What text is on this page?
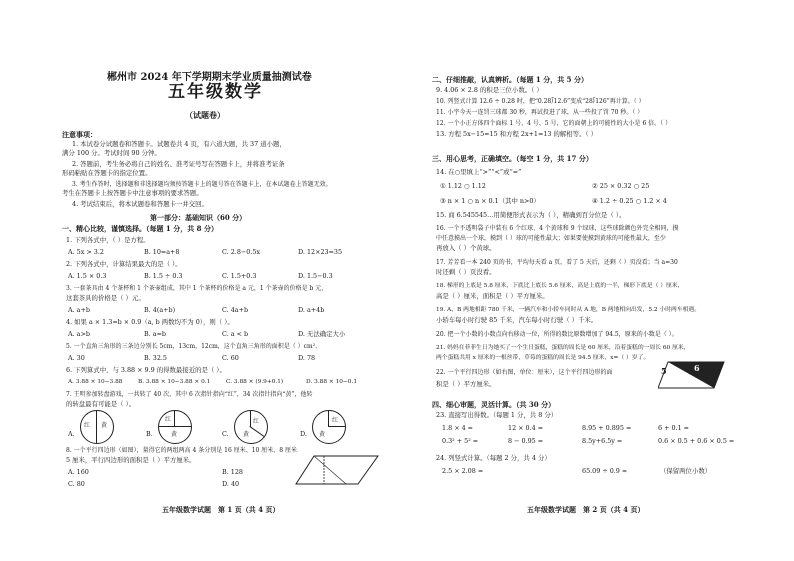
郴州市 2024 年下学期期末学业质量抽测试卷
五年级数学
（试题卷）
注意事项：
1. 本试卷分试题卷和答题卡。试题卷共 4 页，有六道大题，共 37 道小题，
满分 100 分。考试时间 90 分钟。
2. 答题前，考生务必将自己的姓名、准考证号写在答题卡上，并将准考证条
形码粘贴在答题卡的指定位置。
3. 考生作答时，选择题和非选择题均须按答题卡上的题号答在答题卡上，在本试题卷上答题无效。
考生在答题卡上按答题卡中注意事项的要求答题。
4. 考试结束后，将本试题卷和答题卡一并交回。
第一部分：基础知识（60 分）
一、精心比较，谨慎选择。（每题 1 分，共 8 分）
1. 下列各式中，（ ）是方程。
A. 5x > 3.2	B. 10=a+8	C. 2.8−0.5x	D. 12×23=35
2. 下列各式中，计算结果最大的是（ ）。
A. 1.5 × 0.3	B. 1.5 ÷ 0.3	C. 1.5+0.3	D. 1.5−0.3
3. 一套茶具由 4 个茶杯和 1 个茶壶组成，其中 1 个茶杯的价格是 a 元，1 个茶壶的价格是 b 元，
这套茶具的价格是（ ）元。
A. a+b	B. 4(a+b)	C. 4a+b	D. a+4b
4. 如果 a × 1.3=b × 0.9（a, b 两数均不为 0），则（ ）。
A. a>b	B. a=b	C. a < b	D. 无法确定大小
5. 一个直角三角形的三条边分别长 5cm，13cm，12cm，这个直角三角形的面积是（ ）cm².
A. 30	B. 32.5	C. 60	D. 78
6. 下列算式中，与 3.88 × 9.9 的得数最接近的是（ ）。
A. 3.88 × 10−3.88	B. 3.88 × 10−3.88 × 0.1	C. 3.88 × (9.9+0.1)	D. 3.88 × 10−0.1
7. 王明参加转盘游戏，一共转了 40 次，其中 6 次指针指向“红”，34 次指针指向“黄”，他转
的转盘最有可能是（ ）。
A.
红 黄
B.
红
黄	C.
红
黄	D.
红
黄
8. 一个平行四边形（如图），量得它的两组两高 4 条分别是 16 厘米、10 厘米、8 厘米
5 厘米，平行四边形的面积是（ ）平方厘米。
A. 160	B. 128
C. 80	D. 40
五年级数学试题　第 1 页（共 4 页）
二、仔细推敲，认真辨析。（每题 1 分，共 5 分）
9. 4.06 × 2.8 的积是三位小数。（ ）
10. 列竖式计算 12.6 ÷ 0.28 时，把“0.28⟌12.6”变成“28⟌126”再计算。（ ）
11. 小宇今天一连罚三球都 30 秒，再试投进了球，从一些投了罚 70 秒。（ ）
12. 一个小正方体四个面标 1 号、4 号、5 号，它的面朝上的可能性的大小是 6 倍。（ ）
13. 方程 5x−15=15 和方程 2x+1=13 的解相等。（ ）
三、用心思考，正确填空。（每空 1 分，共 17 分）
14. 在○里填上“>”“<”或“=”
① 1.12 ○ 1.12	② 25 × 0.32 ○ 25
③ n × 1 ○ n × 0.1（其中 n>0）	④ 1.2 ÷ 0.25 ○ 1.2 × 4
15. 商 6.545545…用简便形式表示为（ ），精确到百分位是（ ）。
16. 一个不透明袋子中装有 6 个红球、4 个黄球和 9 个绿球，这些球除颜色外完全相同，摸
中任意摸出一个球，摸到（ ）球的可能性最大；如果要使摸到黄球的可能性最大，至少
再放入（ ）个黄球。
17. 芳芳看一本 240 页的书，平均每天看 a 页，看了 5 天后，还剩（ ）页没看；当 a=30
时还剩（ ）页没看。
18. 梯形的上底是 5.8 厘米，下底比上底长 5.6 厘米，高是上底的一半，梯形下底是（ ）厘米，
高是（ ）厘米，面积是（ ）平方厘米。
19. A、B 两地相距 780 千米，一辆汽车和小轿车同时从 A 地，B 两地相向出发，5.2 小时两车相遇。
小轿车每小时行驶 85 千米，汽车每小时行驶（ ）千米。
20. 把一个小数的小数点向右移动一位，所得的数比原数增加了 94.5，原来的小数是（ ）。
21. 妈妈在菲菲生日为她买了一个生日蛋糕，蛋糕的周长是 60 厘米，沿着蛋糕的一周长 60 厘米，
两个蛋糕共用 x 厘米的一根丝带，草莓的蛋糕的周长是 94.5 厘米，x=（ ）岁了。
22. 一个平行四边形（如右图，单位：厘米），这个平行四边形的面
积是（ ）平方厘米。
5	6
四、细心审题，灵活计算。（共 30 分）
23. 直接写出得数。（每题 1 分，共 8 分）
1.8 × 4 =	12 × 0.4 =	8.95 + 0.895 =	6 + 0.1 =
0.3² + 5² =	8 − 0.95 =	8.5y+6.5y =	0.6 × 0.5 + 0.6 × 0.5 =
24. 列竖式计算。（每题 2 分，共 4 分）
2.5 × 2.08 =	65.09 ÷ 0.9 ≈	（保留两位小数）
五年级数学试题　第 2 页（共 4 页）
